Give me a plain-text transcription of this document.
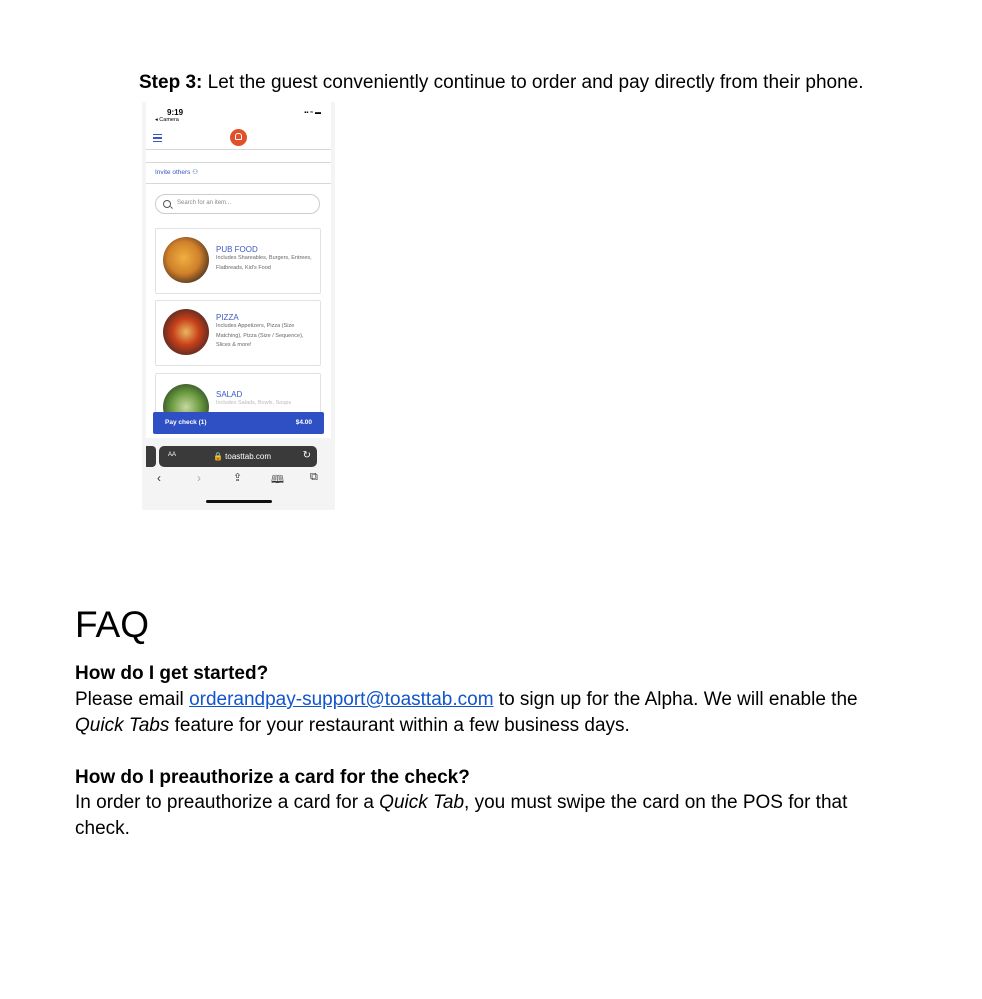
Step 3: Let the guest conveniently continue to order and pay directly from their phone.
9:19
◂ Camera
▪▪ ≈ ▬
Invite others ⚇
Search for an item...
PUB FOOD
Includes Shareables, Burgers, Entrees, Flatbreads, Kid's Food
PIZZA
Includes Appetizers, Pizza (Size Matching), Pizza (Size / Sequence), Slices & more!
SALAD
Includes Salads, Bowls, Soups
Pay check (1)	$4.00
AA	🔒 toasttab.com	↻
‹	›	⇪	🕮 ⧉
FAQ
How do I get started?
Please email orderandpay-support@toasttab.com to sign up for the Alpha. We will enable the Quick Tabs feature for your restaurant within a few business days.
How do I preauthorize a card for the check?
In order to preauthorize a card for a Quick Tab, you must swipe the card on the POS for that check.
